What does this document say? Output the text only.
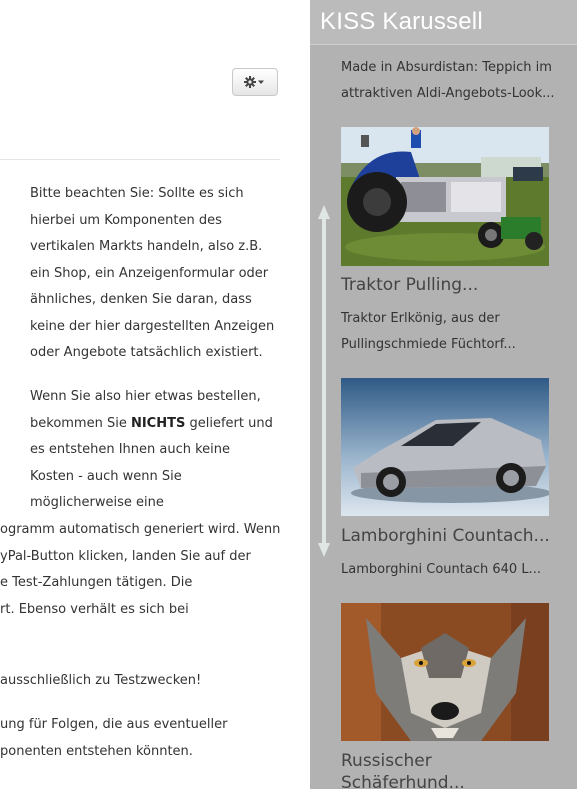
Bitte beachten Sie: Sollte es sich
hierbei um Komponenten des
vertikalen Markts handeln, also z.B.
ein Shop, ein Anzeigenformular oder
ähnliches, denken Sie daran, dass
keine der hier dargestellten Anzeigen
oder Angebote tatsächlich existiert.
Wenn Sie also hier etwas bestellen,
bekommen Sie NICHTS geliefert und
es entstehen Ihnen auch keine
Kosten - auch wenn Sie
möglicherweise eine
ogramm automatisch generiert wird. Wenn
yPal-Button klicken, landen Sie auf der
e Test-Zahlungen tätigen. Die
rt. Ebenso verhält es sich bei
ausschließlich zu Testzwecken!
ung für Folgen, die aus eventueller
ponenten entstehen könnten.
KISS Karussell
Made in Absurdistan: Teppich im
attraktiven Aldi-Angebots-Look...
Traktor Pulling...
Traktor Erlkönig, aus der
Pullingschmiede Füchtorf...
Lamborghini Countach...
Lamborghini Countach 640 L...
Russischer
Schäferhund...
